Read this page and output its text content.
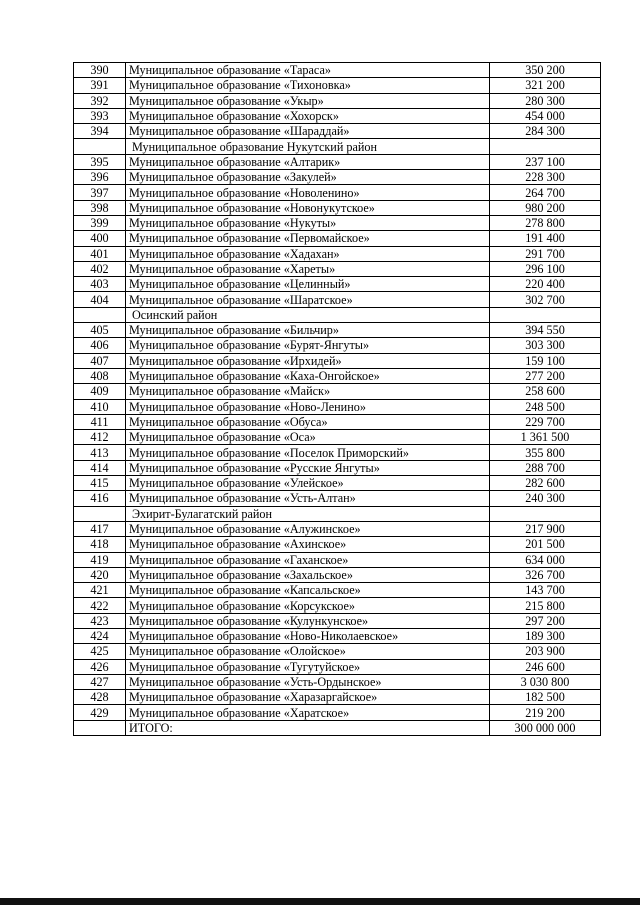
390	Муниципальное образование «Тараса»	350 200
391	Муниципальное образование «Тихоновка»	321 200
392	Муниципальное образование «Укыр»	280 300
393	Муниципальное образование «Хохорск»	454 000
394	Муниципальное образование «Шараддай»	284 300
	Муниципальное образование Нукутский район	
395	Муниципальное образование «Алтарик»	237 100
396	Муниципальное образование «Закулей»	228 300
397	Муниципальное образование «Новоленино»	264 700
398	Муниципальное образование «Новонукутское»	980 200
399	Муниципальное образование «Нукуты»	278 800
400	Муниципальное образование «Первомайское»	191 400
401	Муниципальное образование «Хадахан»	291 700
402	Муниципальное образование «Хареты»	296 100
403	Муниципальное образование «Целинный»	220 400
404	Муниципальное образование «Шаратское»	302 700
	Осинский район	
405	Муниципальное образование «Бильчир»	394 550
406	Муниципальное образование «Бурят-Янгуты»	303 300
407	Муниципальное образование «Ирхидей»	159 100
408	Муниципальное образование «Каха-Онгойское»	277 200
409	Муниципальное образование «Майск»	258 600
410	Муниципальное образование «Ново-Ленино»	248 500
411	Муниципальное образование «Обуса»	229 700
412	Муниципальное образование «Оса»	1 361 500
413	Муниципальное образование «Поселок Приморский»	355 800
414	Муниципальное образование «Русские Янгуты»	288 700
415	Муниципальное образование «Улейское»	282 600
416	Муниципальное образование «Усть-Алтан»	240 300
	Эхирит-Булагатский район	
417	Муниципальное образование «Алужинское»	217 900
418	Муниципальное образование «Ахинское»	201 500
419	Муниципальное образование «Гаханское»	634 000
420	Муниципальное образование «Захальское»	326 700
421	Муниципальное образование «Капсальское»	143 700
422	Муниципальное образование «Корсукское»	215 800
423	Муниципальное образование «Кулункунское»	297 200
424	Муниципальное образование «Ново-Николаевское»	189 300
425	Муниципальное образование «Олойское»	203 900
426	Муниципальное образование «Тугутуйское»	246 600
427	Муниципальное образование «Усть-Ордынское»	3 030 800
428	Муниципальное образование «Харазаргайское»	182 500
429	Муниципальное образование «Харатское»	219 200
	ИТОГО:	300 000 000
